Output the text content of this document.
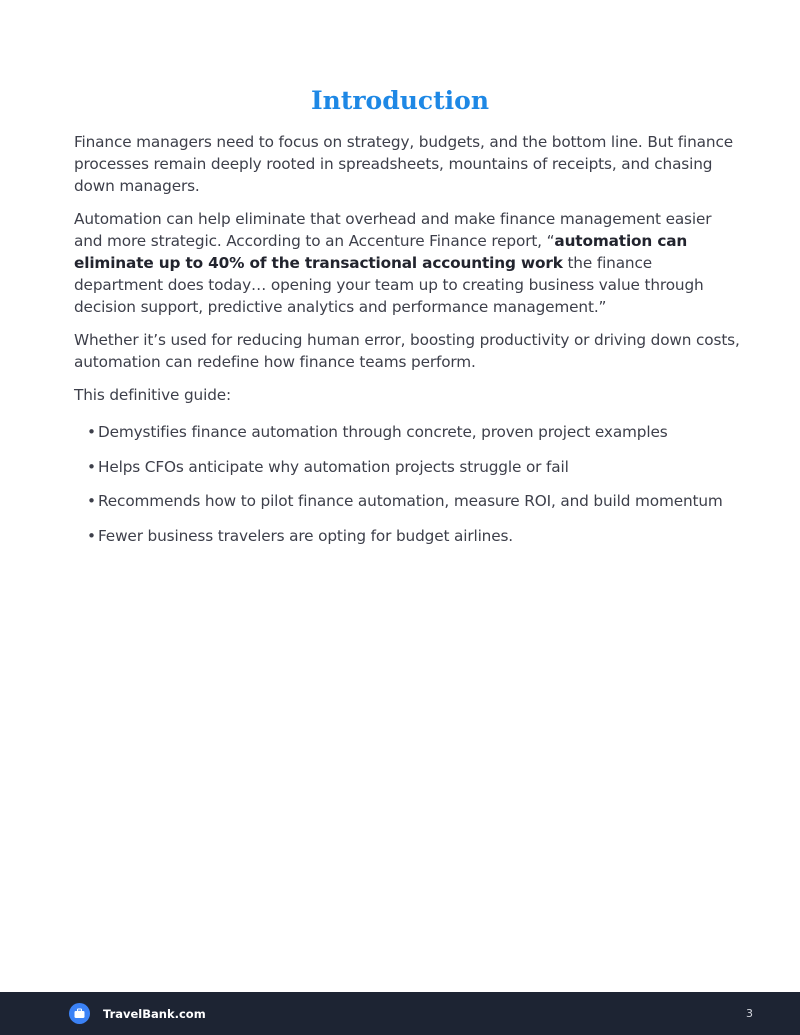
Introduction

Finance managers need to focus on strategy, budgets, and the bottom line. But finance processes remain deeply rooted in spreadsheets, mountains of receipts, and chasing down managers.

Automation can help eliminate that overhead and make finance management easier and more strategic. According to an Accenture Finance report, “automation can eliminate up to 40% of the transactional accounting work the finance department does today… opening your team up to creating business value through decision support, predictive analytics and performance management.”

Whether it’s used for reducing human error, boosting productivity or driving down costs, automation can redefine how finance teams perform.

This definitive guide:

• Demystifies finance automation through concrete, proven project examples
• Helps CFOs anticipate why automation projects struggle or fail
• Recommends how to pilot finance automation, measure ROI, and build momentum
• Fewer business travelers are opting for budget airlines.
TravelBank.com	3
